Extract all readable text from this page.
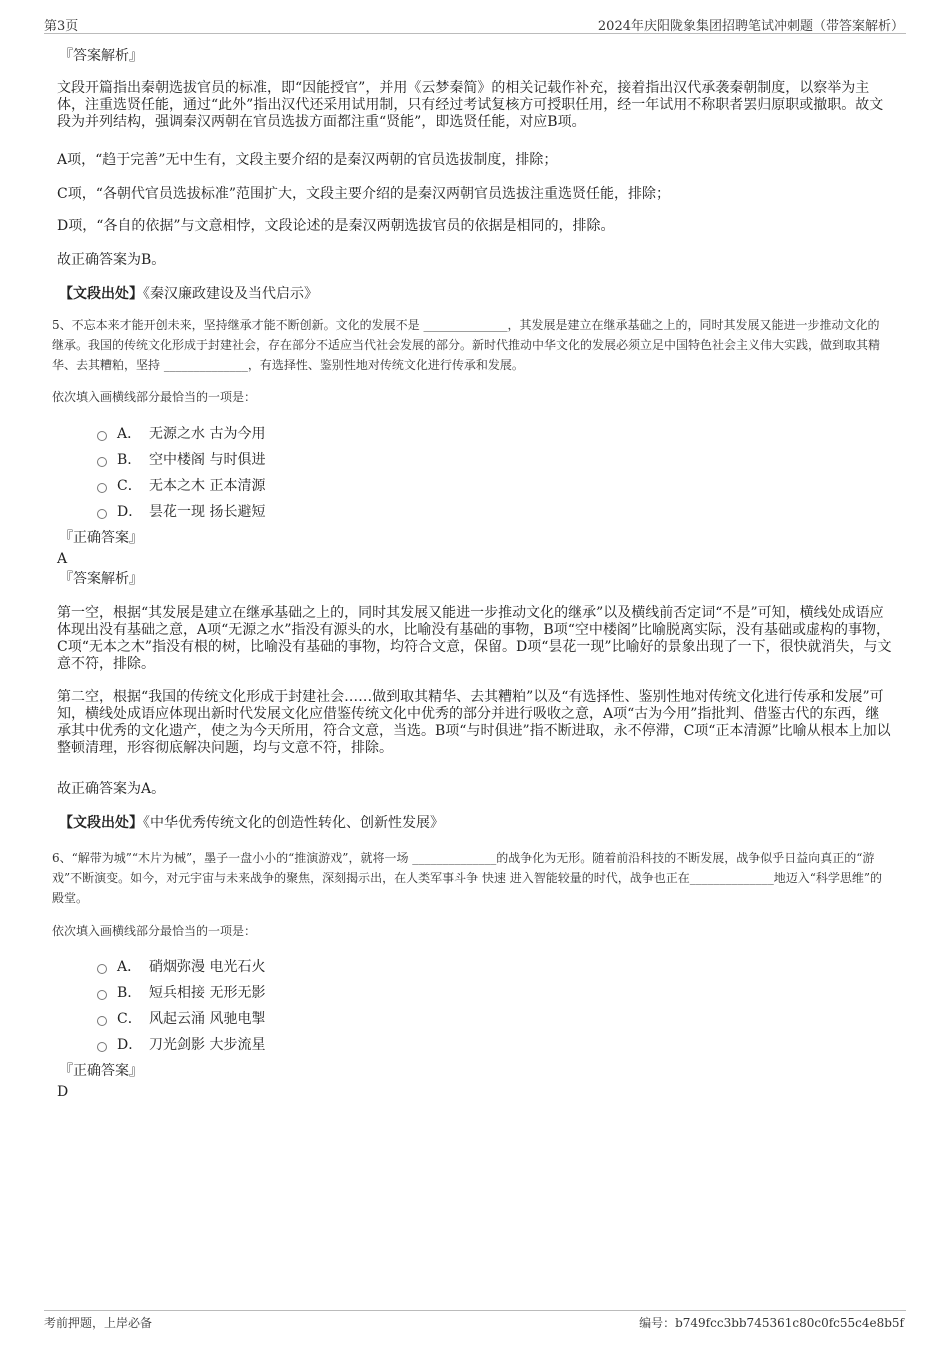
第3页	2024年庆阳陇象集团招聘笔试冲刺题（带答案解析）
『答案解析』

文段开篇指出秦朝选拔官员的标准，即“因能授官”，并用《云梦秦简》的相关记载作补充，接着指出汉代承袭秦朝制度，以察举为主体，注重选贤任能，通过“此外”指出汉代还采用试用制，只有经过考试复核方可授职任用，经一年试用不称职者罢归原职或撤职。故文段为并列结构，强调秦汉两朝在官员选拔方面都注重“贤能”，即选贤任能，对应B项。

A项，“趋于完善”无中生有，文段主要介绍的是秦汉两朝的官员选拔制度，排除；

C项，“各朝代官员选拔标准”范围扩大，文段主要介绍的是秦汉两朝官员选拔注重选贤任能，排除；

D项，“各自的依据”与文意相悖，文段论述的是秦汉两朝选拔官员的依据是相同的，排除。

故正确答案为B。

【文段出处】《秦汉廉政建设及当代启示》

5、不忘本来才能开创未来，坚持继承才能不断创新。文化的发展不是 ______________，其发展是建立在继承基础之上的，同时其发展又能进一步推动文化的继承。我国的传统文化形成于封建社会，存在部分不适应当代社会发展的部分。新时代推动中华文化的发展必须立足中国特色社会主义伟大实践，做到取其精华、去其糟粕，坚持 ______________，有选择性、鉴别性地对传统文化进行传承和发展。

依次填入画横线部分最恰当的一项是：

A． 无源之水 古为今用
B.	空中楼阁 与时俱进
C． 无本之木 正本清源
D． 昙花一现 扬长避短
『正确答案』
A
『答案解析』

第一空，根据“其发展是建立在继承基础之上的，同时其发展又能进一步推动文化的继承”以及横线前否定词“不是”可知，横线处成语应体现出没有基础之意，A项“无源之水”指没有源头的水，比喻没有基础的事物，B项“空中楼阁”比喻脱离实际，没有基础或虚构的事物，C项“无本之木”指没有根的树，比喻没有基础的事物，均符合文意，保留。D项“昙花一现”比喻好的景象出现了一下，很快就消失，与文意不符，排除。

第二空，根据“我国的传统文化形成于封建社会……做到取其精华、去其糟粕”以及“有选择性、鉴别性地对传统文化进行传承和发展”可知，横线处成语应体现出新时代发展文化应借鉴传统文化中优秀的部分并进行吸收之意，A项“古为今用”指批判、借鉴古代的东西，继承其中优秀的文化遗产，使之为今天所用，符合文意，当选。B项“与时俱进”指不断进取，永不停滞，C项“正本清源”比喻从根本上加以整顿清理，形容彻底解决问题，均与文意不符，排除。

故正确答案为A。

【文段出处】《中华优秀传统文化的创造性转化、创新性发展》

6、“解带为城”“木片为械”，墨子一盘小小的“推演游戏”，就将一场 ______________的战争化为无形。随着前沿科技的不断发展，战争似乎日益向真正的“游戏”不断演变。如今，对元宇宙与未来战争的聚焦，深刻揭示出，在人类军事斗争 快速 进入智能较量的时代，战争也正在______________地迈入“科学思维”的殿堂。

依次填入画横线部分最恰当的一项是：

A． 硝烟弥漫 电光石火
B.	短兵相接 无形无影
C． 风起云涌 风驰电掣
D． 刀光剑影 大步流星
『正确答案』
D
考前押题，上岸必备	编号：b749fcc3bb745361c80c0fc55c4e8b5f
